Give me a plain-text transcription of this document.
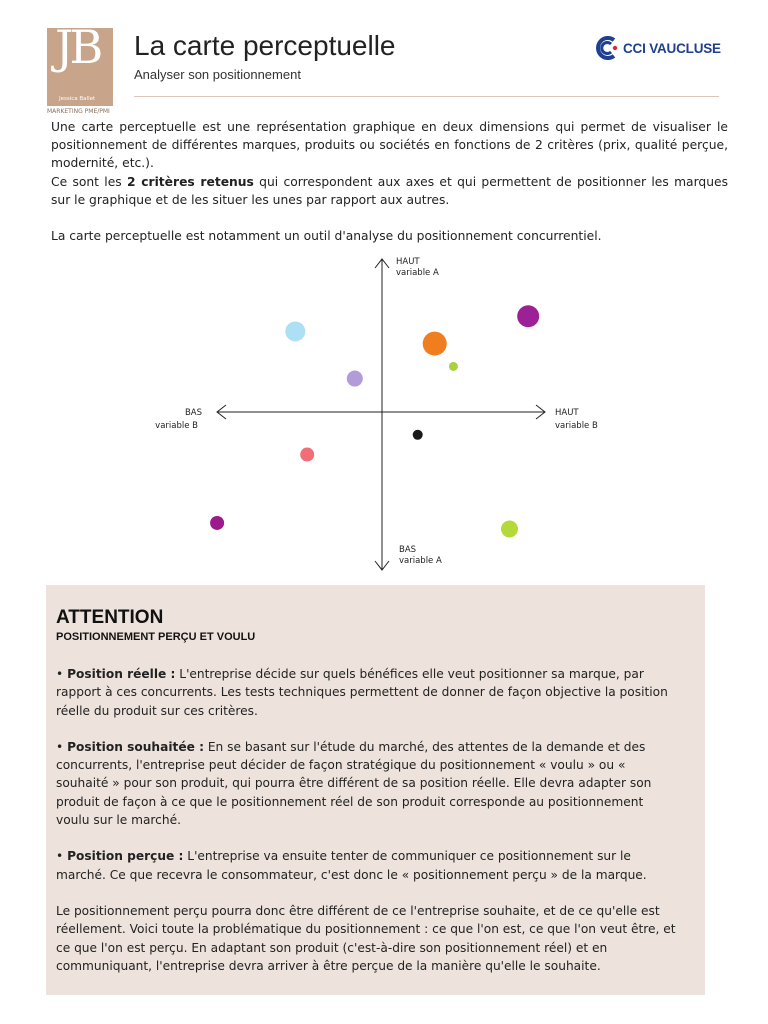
JB
Jessica Ballet
MARKETING PME/PMI
La carte perceptuelle
Analyser son positionnement
CCI VAUCLUSE

Une carte perceptuelle est une représentation graphique en deux dimensions qui permet de visualiser le positionnement de différentes marques, produits ou sociétés en fonctions de 2 critères (prix, qualité perçue, modernité, etc.).

Ce sont les 2 critères retenus qui correspondent aux axes et qui permettent de positionner les marques sur le graphique et de les situer les unes par rapport aux autres.

La carte perceptuelle est notamment un outil d'analyse du positionnement concurrentiel.

HAUT
variable A
BAS
variable A
BAS
variable B
HAUT
variable B
ATTENTION
POSITIONNEMENT PERÇU ET VOULU

• Position réelle : L'entreprise décide sur quels bénéfices elle veut positionner sa marque, par rapport à ces concurrents. Les tests techniques permettent de donner de façon objective la position réelle du produit sur ces critères.

• Position souhaitée : En se basant sur l'étude du marché, des attentes de la demande et des concurrents, l'entreprise peut décider de façon stratégique du positionnement « voulu » ou « souhaité » pour son produit, qui pourra être différent de sa position réelle. Elle devra adapter son produit de façon à ce que le positionnement réel de son produit corresponde au positionnement voulu sur le marché.

• Position perçue : L'entreprise va ensuite tenter de communiquer ce positionnement sur le marché. Ce que recevra le consommateur, c'est donc le « positionnement perçu » de la marque.

Le positionnement perçu pourra donc être différent de ce l'entreprise souhaite, et de ce qu'elle est réellement. Voici toute la problématique du positionnement : ce que l'on est, ce que l'on veut être, et ce que l'on est perçu. En adaptant son produit (c'est-à-dire son positionnement réel) et en communiquant, l'entreprise devra arriver à être perçue de la manière qu'elle le souhaite.
